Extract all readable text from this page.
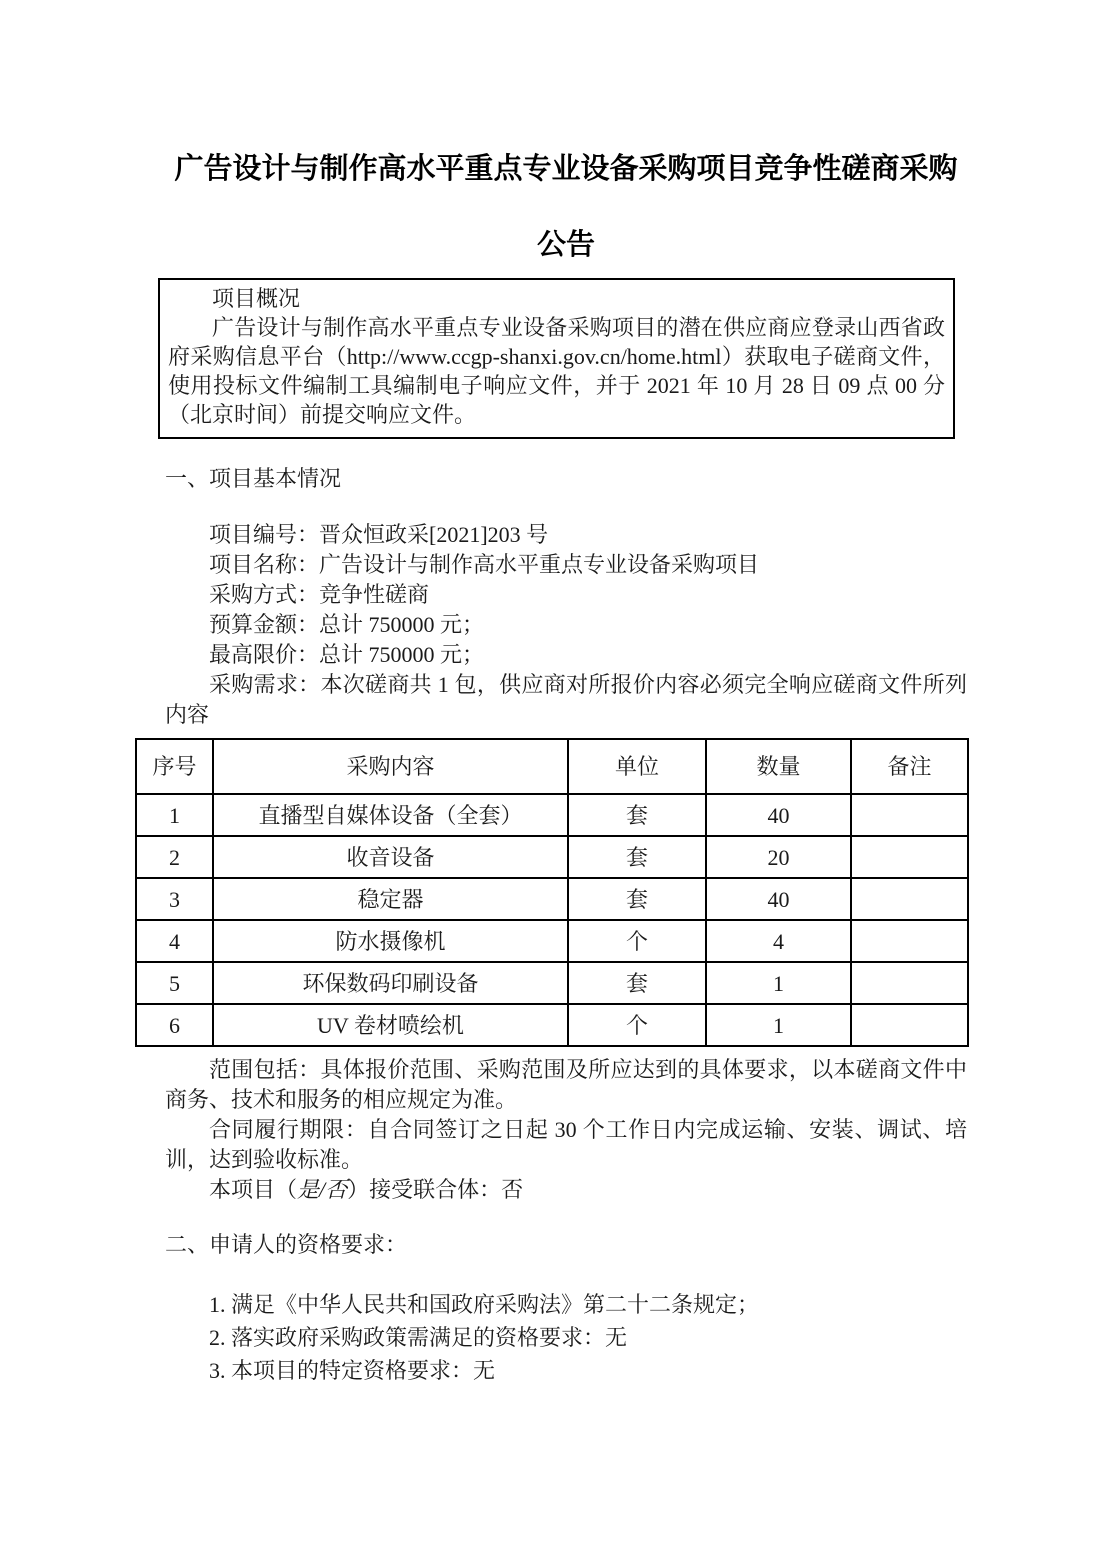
广告设计与制作高水平重点专业设备采购项目竞争性磋商采购
公告

项目概况

广告设计与制作高水平重点专业设备采购项目的潜在供应商应登录山西省政府采购信息平台（http://www.ccgp-shanxi.gov.cn/home.html）获取电子磋商文件，使用投标文件编制工具编制电子响应文件，并于 2021 年 10 月 28 日 09 点 00 分（北京时间）前提交响应文件。

一、项目基本情况

项目编号：晋众恒政采[2021]203 号

项目名称：广告设计与制作高水平重点专业设备采购项目

采购方式：竞争性磋商

预算金额：总计 750000 元；

最高限价：总计 750000 元；

采购需求：本次磋商共 1 包，供应商对所报价内容必须完全响应磋商文件所列内容

序号	采购内容	单位	数量	备注
1	直播型自媒体设备（全套）	套	40	
2	收音设备	套	20	
3	稳定器	套	40	
4	防水摄像机	个	4	
5	环保数码印刷设备	套	1	
6	UV 卷材喷绘机	个	1	

范围包括：具体报价范围、采购范围及所应达到的具体要求，以本磋商文件中商务、技术和服务的相应规定为准。

合同履行期限：自合同签订之日起 30 个工作日内完成运输、安装、调试、培训，达到验收标准。

本项目（是/否）接受联合体：否

二、申请人的资格要求：

1. 满足《中华人民共和国政府采购法》第二十二条规定；

2. 落实政府采购政策需满足的资格要求：无

3. 本项目的特定资格要求：无
